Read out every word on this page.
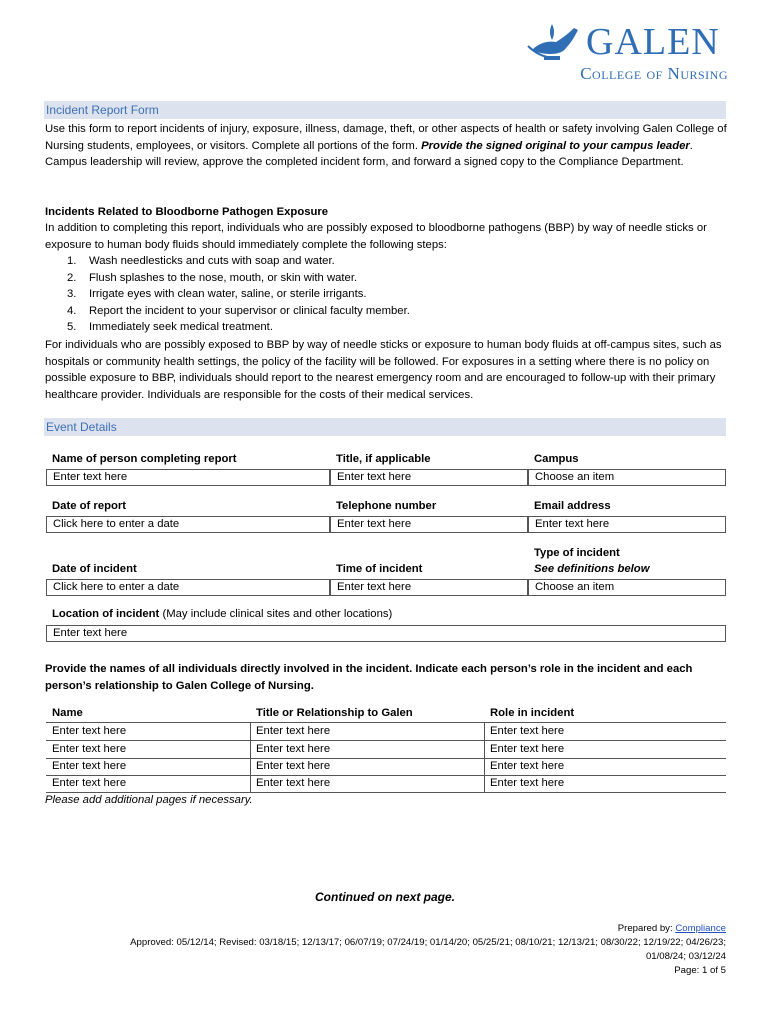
GALEN
College of Nursing
Incident Report Form
Use this form to report incidents of injury, exposure, illness, damage, theft, or other aspects of health or safety involving Galen College of Nursing students, employees, or visitors. Complete all portions of the form. Provide the signed original to your campus leader. Campus leadership will review, approve the completed incident form, and forward a signed copy to the Compliance Department.
Incidents Related to Bloodborne Pathogen Exposure
In addition to completing this report, individuals who are possibly exposed to bloodborne pathogens (BBP) by way of needle sticks or exposure to human body fluids should immediately complete the following steps:
1. Wash needlesticks and cuts with soap and water.
2. Flush splashes to the nose, mouth, or skin with water.
3. Irrigate eyes with clean water, saline, or sterile irrigants.
4. Report the incident to your supervisor or clinical faculty member.
5. Immediately seek medical treatment.
For individuals who are possibly exposed to BBP by way of needle sticks or exposure to human body fluids at off-campus sites, such as hospitals or community health settings, the policy of the facility will be followed. For exposures in a setting where there is no policy on possible exposure to BBP, individuals should report to the nearest emergency room and are encouraged to follow-up with their primary healthcare provider. Individuals are responsible for the costs of their medical services.
Event Details
Name of person completing report	Title, if applicable	Campus
Enter text here	Enter text here	Choose an item
Date of report	Telephone number	Email address
Click here to enter a date	Enter text here	Enter text here
Type of incident
Date of incident	Time of incident	See definitions below
Click here to enter a date	Enter text here	Choose an item
Location of incident (May include clinical sites and other locations)
Enter text here
Provide the names of all individuals directly involved in the incident. Indicate each person’s role in the incident and each person’s relationship to Galen College of Nursing.
Name	Title or Relationship to Galen	Role in incident
Enter text here	Enter text here	Enter text here
Enter text here	Enter text here	Enter text here
Enter text here	Enter text here	Enter text here
Enter text here	Enter text here	Enter text here
Please add additional pages if necessary.
Continued on next page.
Prepared by: Compliance
Approved: 05/12/14; Revised: 03/18/15; 12/13/17; 06/07/19; 07/24/19; 01/14/20; 05/25/21; 08/10/21; 12/13/21; 08/30/22; 12/19/22; 04/26/23;
01/08/24; 03/12/24
Page: 1 of 5
